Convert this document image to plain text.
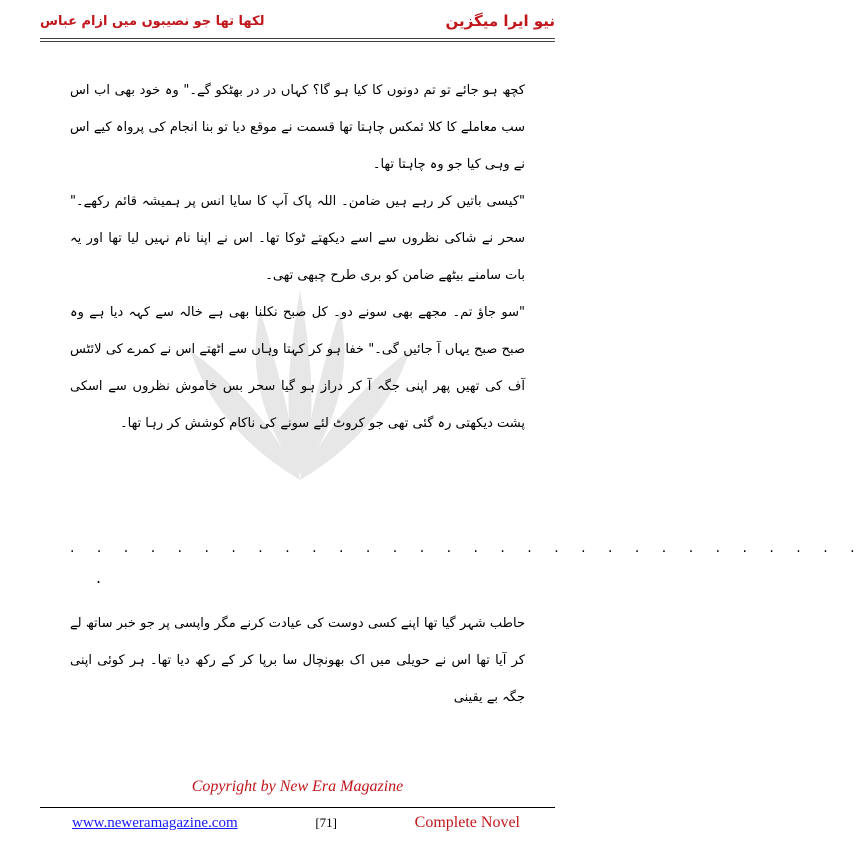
نیو ایرا میگزین
لکھا تھا جو نصیبوں میں ازام عباس

کچھ ہو جائے تو تم دونوں کا کیا ہو گا؟ کہاں در در بھٹکو گے۔" وہ خود بھی اب اس سب معاملے کا کلا ئمکس چاہتا تھا قسمت نے موقع دیا تو بنا انجام کی پرواہ کیے اس نے وہی کیا جو وہ چاہتا تھا۔

"کیسی باتیں کر رہے ہیں ضامن۔ اللہ پاک آپ کا سایا انس پر ہمیشہ قائم رکھے۔" سحر نے شاکی نظروں سے اسے دیکھتے ٹوکا تھا۔ اس نے اپنا نام نہیں لیا تھا اور یہ بات سامنے بیٹھے ضامن کو بری طرح چبھی تھی۔

"سو جاؤ تم۔ مجھے بھی سونے دو۔ کل صبح نکلنا بھی ہے خالہ سے کہہ دیا ہے وہ صبح صبح یہاں آ جائیں گی۔" خفا ہو کر کہتا وہاں سے اٹھتے اس نے کمرے کی لائٹس آف کی تھیں پھر اپنی جگہ آ کر دراز ہو گیا سحر بس خاموش نظروں سے اسکی پشت دیکھتی رہ گئی تھی جو کروٹ لئے سونے کی ناکام کوشش کر رہا تھا۔

. . . . . . . . . . . . . . . . . . . . . . . . . . . . . .
.

حاطب شہر گیا تھا اپنے کسی دوست کی عیادت کرنے مگر واپسی پر جو خبر ساتھ لے کر آیا تھا اس نے حویلی میں اک بھونچال سا برپا کر کے رکھ دیا تھا۔ ہر کوئی اپنی جگہ بے یقینی

Copyright by New Era Magazine
www.neweramagazine.com	[71]	Complete Novel
